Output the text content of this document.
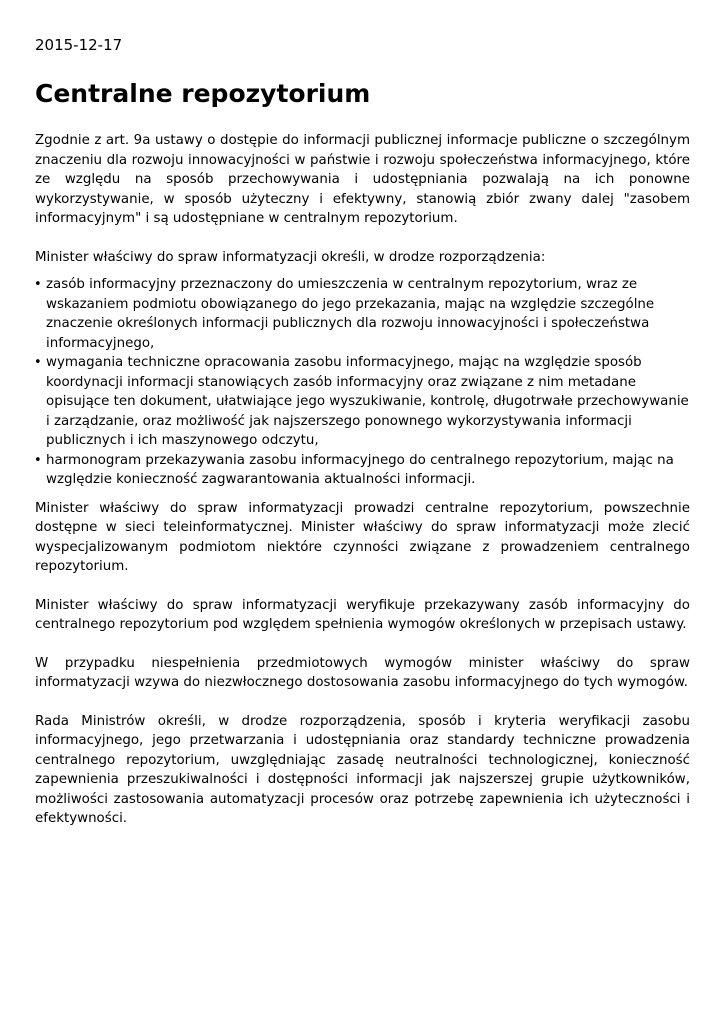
2015-12-17
Centralne repozytorium

Zgodnie z art. 9a ustawy o dostępie do informacji publicznej informacje publiczne o szczególnym znaczeniu dla rozwoju innowacyjności w państwie i rozwoju społeczeństwa informacyjnego, które ze względu na sposób przechowywania i udostępniania pozwalają na ich ponowne wykorzystywanie, w sposób użyteczny i efektywny, stanowią zbiór zwany dalej "zasobem informacyjnym" i są udostępniane w centralnym repozytorium.

Minister właściwy do spraw informatyzacji określi, w drodze rozporządzenia:

• zasób informacyjny przeznaczony do umieszczenia w centralnym repozytorium, wraz ze wskazaniem podmiotu obowiązanego do jego przekazania, mając na względzie szczególne znaczenie określonych informacji publicznych dla rozwoju innowacyjności i społeczeństwa informacyjnego,
• wymagania techniczne opracowania zasobu informacyjnego, mając na względzie sposób koordynacji informacji stanowiących zasób informacyjny oraz związane z nim metadane opisujące ten dokument, ułatwiające jego wyszukiwanie, kontrolę, długotrwałe przechowywanie i zarządzanie, oraz możliwość jak najszerszego ponownego wykorzystywania informacji publicznych i ich maszynowego odczytu,
• harmonogram przekazywania zasobu informacyjnego do centralnego repozytorium, mając na względzie konieczność zagwarantowania aktualności informacji.

Minister właściwy do spraw informatyzacji prowadzi centralne repozytorium, powszechnie dostępne w sieci teleinformatycznej. Minister właściwy do spraw informatyzacji może zlecić wyspecjalizowanym podmiotom niektóre czynności związane z prowadzeniem centralnego repozytorium.

Minister właściwy do spraw informatyzacji weryfikuje przekazywany zasób informacyjny do centralnego repozytorium pod względem spełnienia wymogów określonych w przepisach ustawy.

W przypadku niespełnienia przedmiotowych wymogów minister właściwy do spraw informatyzacji wzywa do niezwłocznego dostosowania zasobu informacyjnego do tych wymogów.

Rada Ministrów określi, w drodze rozporządzenia, sposób i kryteria weryfikacji zasobu informacyjnego, jego przetwarzania i udostępniania oraz standardy techniczne prowadzenia centralnego repozytorium, uwzględniając zasadę neutralności technologicznej, konieczność zapewnienia przeszukiwalności i dostępności informacji jak najszerszej grupie użytkowników, możliwości zastosowania automatyzacji procesów oraz potrzebę zapewnienia ich użyteczności i efektywności.
